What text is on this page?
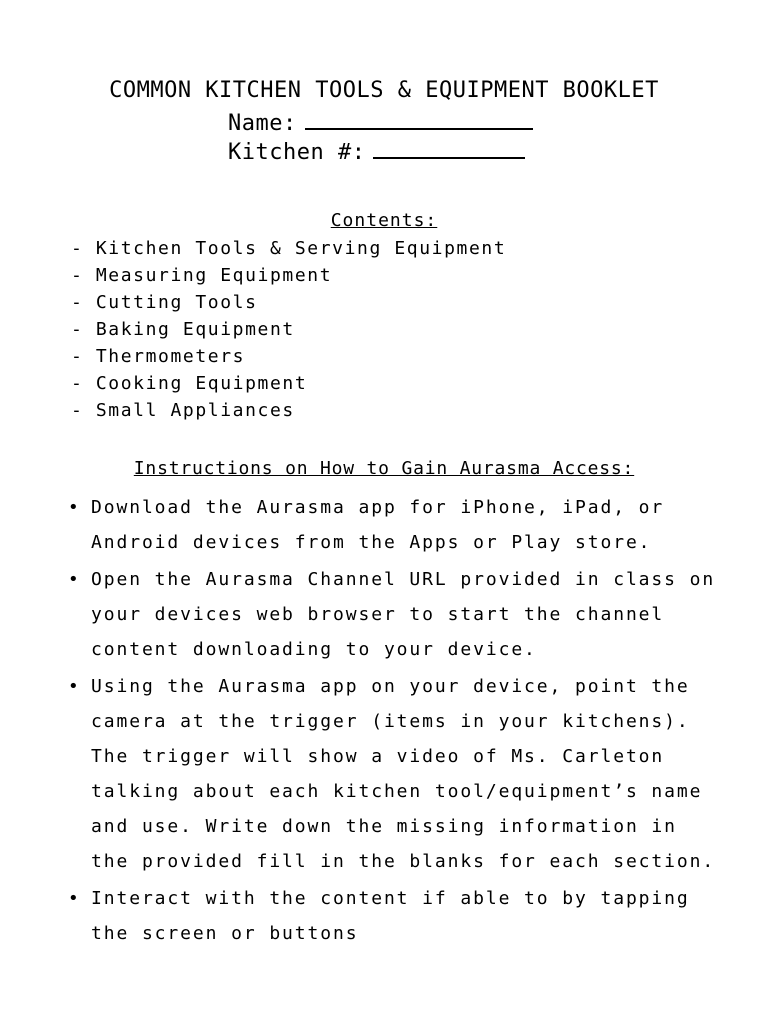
COMMON KITCHEN TOOLS & EQUIPMENT BOOKLET
Name:
Kitchen #:
Contents:
- Kitchen Tools & Serving Equipment
- Measuring Equipment
- Cutting Tools
- Baking Equipment
- Thermometers
- Cooking Equipment
- Small Appliances
Instructions on How to Gain Aurasma Access:
• Download the Aurasma app for iPhone, iPad, or Android devices from the Apps or Play store.
• Open the Aurasma Channel URL provided in class on your devices web browser to start the channel content downloading to your device.
• Using the Aurasma app on your device, point the camera at the trigger (items in your kitchens). The trigger will show a video of Ms. Carleton talking about each kitchen tool/equipment’s name and use. Write down the missing information in the provided fill in the blanks for each section.
• Interact with the content if able to by tapping the screen or buttons
